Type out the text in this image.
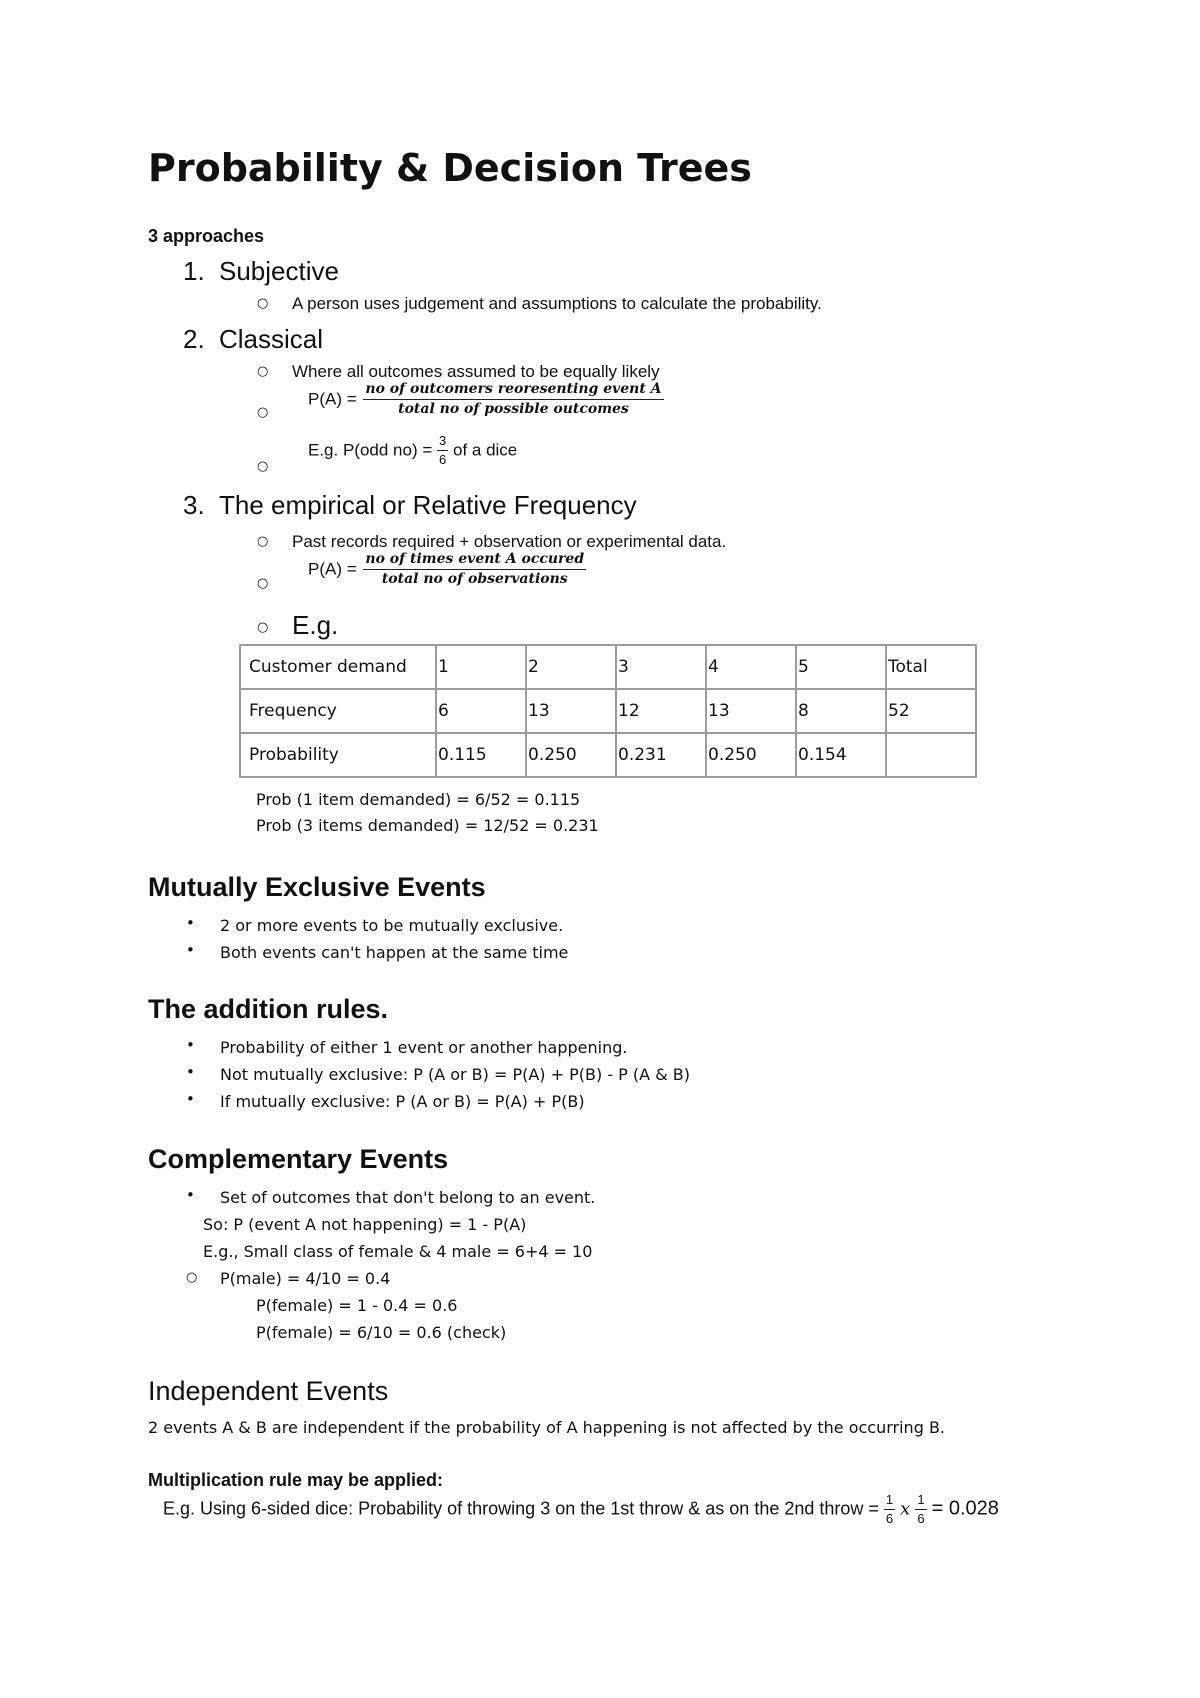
Probability & Decision Trees
3 approaches
1. Subjective
○ A person uses judgement and assumptions to calculate the probability.
2. Classical
○ Where all outcomes assumed to be equally likely
○
$P(A) = \frac{\text{no of outcomers reoresenting event A}}{\text{total no of possible outcomes}}$
○
E.g. P(odd $no) = \frac{3}{6}$ of a dice
3. The empirical or Relative Frequency
○ Past records required + observation or experimental data.
○
$P(A) = \frac{\text{no of times event A occured}}{\text{total no of observations}}$
○ E.g.
Customer demand	1	2	3	4	5	Total
Frequency	6	13	12	13	8	52
Probability	0.115	0.250	0.231	0.250	0.154	
Prob (1 item demanded) = 6/52 = 0.115
Prob (3 items demanded) = 12/52 = 0.231
Mutually Exclusive Events
• 2 or more events to be mutually exclusive.
• Both events can't happen at the same time
The addition rules.
• Probability of either 1 event or another happening.
• Not mutually exclusive: P (A or B) = P(A) + P(B) - P (A & B)
• If mutually exclusive: P (A or B) = P(A) + P(B)
Complementary Events
• Set of outcomes that don't belong to an event.
So: P (event A not happening) = 1 - P(A)
E.g., Small class of female & 4 male = 6+4 = 10
○ P(male) = 4/10 = 0.4
P(female) = 1 - 0.4 = 0.6
P(female) = 6/10 = 0.6 (check)
Independent Events
2 events A & B are independent if the probability of A happening is not affected by the occurring B.
Multiplication rule may be applied:
E.g. Using 6-sided dice: Probability of throwing 3 on the 1st throw & as on the 2nd throw = $\frac{1}{6}$ x $\frac{1}{6} = 0.028$
